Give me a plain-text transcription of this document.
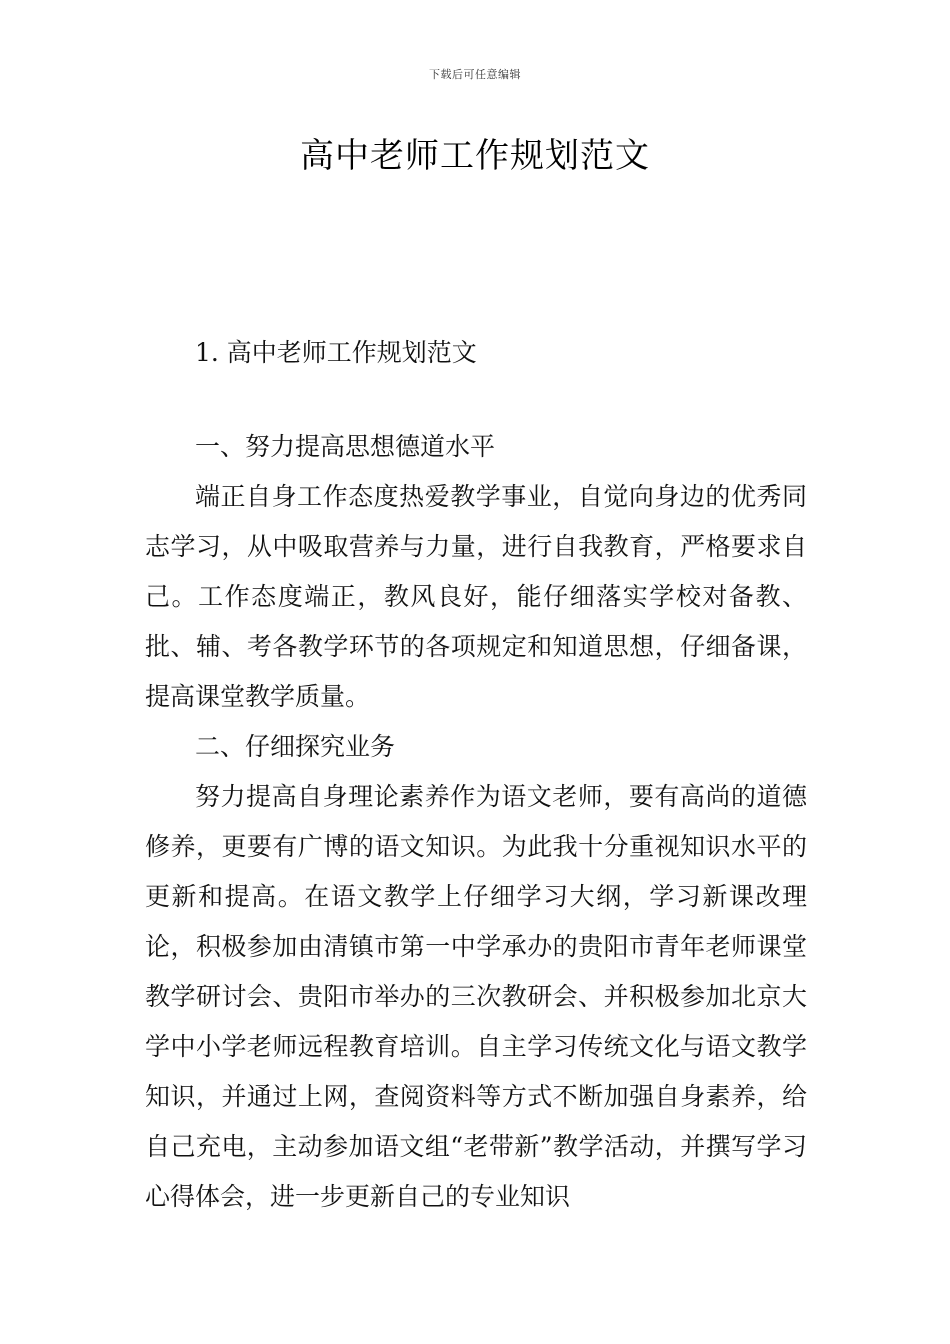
下载后可任意编辑
高中老师工作规划范文

1. 高中老师工作规划范文

一、努力提高思想德道水平

端正自身工作态度热爱教学事业，自觉向身边的优秀同志学习，从中吸取营养与力量，进行自我教育，严格要求自己。工作态度端正，教风良好，能仔细落实学校对备教、批、辅、考各教学环节的各项规定和知道思想，仔细备课，提高课堂教学质量。

二、仔细探究业务

努力提高自身理论素养作为语文老师，要有高尚的道德修养，更要有广博的语文知识。为此我十分重视知识水平的更新和提高。在语文教学上仔细学习大纲，学习新课改理论，积极参加由清镇市第一中学承办的贵阳市青年老师课堂教学研讨会、贵阳市举办的三次教研会、并积极参加北京大学中小学老师远程教育培训。自主学习传统文化与语文教学知识，并通过上网，查阅资料等方式不断加强自身素养，给自己充电，主动参加语文组“老带新”教学活动，并撰写学习心得体会，进一步更新自己的专业知识
